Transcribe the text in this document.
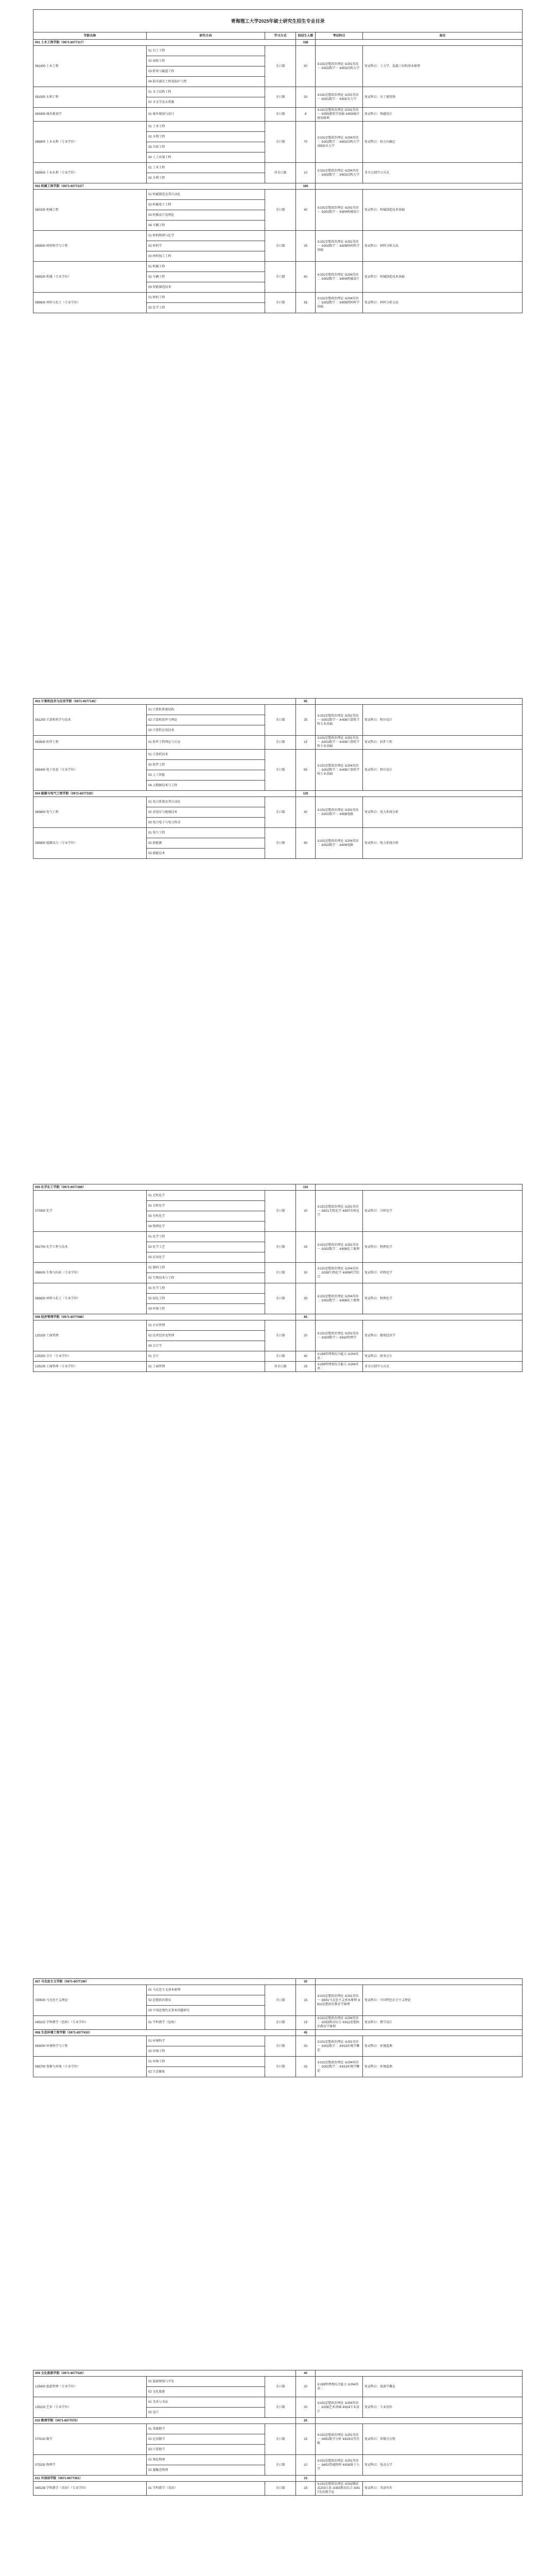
青海理工大学2025年硕士研究生招生专业目录					
学院名称	研究方向	学习方式	拟招生人数	考试科目	备注
001 土木工程学院（0971-6077117）			158		
081400 土木工程	01 岩土工程	全日制	50	①101思想政治理论 ②201英语一 ③301数学一 ④801结构力学	复试科目：土力学、混凝土结构基本原理
	02 结构工程				
	03 桥梁与隧道工程				
	04 防灾减灾工程及防护工程				
081500 水利工程	01 水工结构工程	全日制	20	①101思想政治理论 ②201英语一 ③301数学一 ④802水力学	复试科目：水工建筑物
	02 水文学及水资源				
083300 城乡规划学	01 城乡规划与设计	全日制	8	①101思想政治理论 ②201英语一 ③355建筑学基础 ④803城市规划原理	复试科目：快题设计
085900 土木水利（专业学位）	01 土木工程	全日制	70	①101思想政治理论 ②204英语二 ③302数学二 ④801结构力学或802水力学	复试科目：按方向确定
	02 水利工程				
	03 市政工程				
	04 人工环境工程				
085900 土木水利（专业学位）	01 土木工程	非全日制	10	①101思想政治理论 ②204英语二 ③302数学二 ④801结构力学	非全日制学习方式
	02 水利工程				
002 机械工程学院（0971-6077237）			160		
080200 机械工程	01 机械制造及其自动化	全日制	40	①101思想政治理论 ②201英语一 ③301数学一 ④804机械设计	复试科目：机械制造技术基础
	02 机械电子工程				
	03 机械设计及理论				
	04 车辆工程				
080500 材料科学与工程	01 材料物理与化学	全日制	25	①101思想政治理论 ②201英语一 ③302数学二 ④805材料科学基础	复试科目：材料分析方法
	02 材料学				
	03 材料加工工程				
085500 机械（专业学位）	01 机械工程	全日制	60	①101思想政治理论 ②204英语二 ③302数学二 ④804机械设计	复试科目：机械制造技术基础
	02 车辆工程				
	03 智能制造技术				
085600 材料与化工（专业学位）	01 材料工程	全日制	35	①101思想政治理论 ②204英语二 ③302数学二 ④805材料科学基础	复试科目：材料分析方法
	02 化学工程				
003 计算机技术与应用学院（0971-6077145）			95		
081200 计算机科学与技术	01 计算机系统结构	全日制	25	①101思想政治理论 ②201英语一 ③301数学一 ④408计算机学科专业基础	复试科目：程序设计
	02 计算机软件与理论				
	03 计算机应用技术				
083500 软件工程	01 软件工程理论与方法	全日制	15	①101思想政治理论 ②201英语一 ③301数学一 ④408计算机学科专业基础	复试科目：软件工程
085400 电子信息（专业学位）	01 计算机技术	全日制	55	①101思想政治理论 ②204英语二 ③302数学二 ④408计算机学科专业基础	复试科目：程序设计
	02 软件工程				
	03 人工智能				
	04 大数据技术与工程				
004 能源与电气工程学院（0971-6077330）			120		
080800 电气工程	01 电力系统及其自动化	全日制	30	①101思想政治理论 ②201英语一 ③301数学一 ④806电路	复试科目：电力系统分析
	02 高电压与绝缘技术				
	03 电力电子与电力传动				
085800 能源动力（专业学位）	01 电气工程	全日制	90	①101思想政治理论 ②204英语二 ③302数学二 ④806电路	复试科目：电力系统分析
	02 新能源				
	03 储能技术				
005 化学化工学院（0971-6077266）			110		
070300 化学	01 无机化学	全日制	20	①101思想政治理论 ②201英语一 ③621无机化学 ④807有机化学	复试科目：分析化学
	02 分析化学				
	03 有机化学				
	04 物理化学				
081700 化学工程与技术	01 化学工程	全日制	25	①101思想政治理论 ②201英语一 ③302数学二 ④808化工原理	复试科目：物理化学
	02 化学工艺				
	03 应用化学				
086000 生物与医药（专业学位）	01 制药工程	全日制	30	①101思想政治理论 ②204英语二 ③338生物化学 ④809药学综合	复试科目：药物化学
	02 生物技术与工程				
085600 材料与化工（专业学位）	01 化学工程	全日制	35	①101思想政治理论 ②204英语二 ③302数学二 ④808化工原理	复试科目：物理化学
	02 轻化工程				
	03 环境工程				
006 经济管理学院（0971-6077088）			85		
120200 工商管理	01 企业管理	全日制	20	①101思想政治理论 ②201英语一 ③303数学三 ④810管理学	复试科目：微观经济学
	02 技术经济及管理				
	03 会计学				
125300 会计（专业学位）	01 会计	全日制	40	①199管理类综合能力 ②204英语二	复试科目：财务会计
125100 工商管理（专业学位）	01 工商管理	非全日制	25	①199管理类综合能力 ②204英语二	非全日制学习方式
007 马克思主义学院（0971-6077190）			30		
030500 马克思主义理论	01 马克思主义基本原理	全日制	15	①101思想政治理论 ②201英语一 ③631马克思主义基本原理 ④811思想政治教育学原理	复试科目：中国特色社会主义理论
	02 思想政治教育				
	03 中国近现代史基本问题研究				
045102 学科教学（思政）（专业学位）	01 学科教学（思政）	全日制	15	①101思想政治理论 ②204英语二 ③333教育综合 ④812思想政治教育学原理	复试科目：教学设计
008 生态环境工程学院（0971-6077410）			45		
083000 环境科学与工程	01 环境科学	全日制	20	①101思想政治理论 ②201英语一 ③302数学二 ④813环境学概论	复试科目：环境监测
	02 环境工程				
085700 资源与环境（专业学位）	01 环境工程	全日制	25	①101思想政治理论 ②204英语二 ③302数学二 ④813环境学概论	复试科目：环境监测
	02 生态修复				
009 文化旅游学院（0971-6077520）			40		
125400 旅游管理（专业学位）	01 旅游规划与开发	全日制	20	①199管理类综合能力 ②204英语二	复试科目：旅游学概论
	02 文化旅游				
135100 艺术（专业学位）	01 美术与书法	全日制	20	①101思想政治理论 ②204英语二 ③336艺术基础 ④814专业设计	复试科目：专业创作
	02 设计				
010 数理学院（0971-6077075）			25		
070100 数学	01 基础数学	全日制	15	①101思想政治理论 ②201英语一 ③651数学分析 ④815高等代数	复试科目：常微分方程
	02 应用数学				
	03 计算数学				
070200 物理学	01 理论物理	全日制	10	①101思想政治理论 ②201英语一 ③652普通物理 ④816量子力学	复试科目：电动力学
	02 凝聚态物理				
011 外国语学院（0971-6077301）			15		
045108 学科教学（英语）（专业学位）	01 学科教学（英语）	全日制	15	①101思想政治理论 ②202俄语或203日语 ③333教育综合 ④817英语教学论	复试科目：英语写作
